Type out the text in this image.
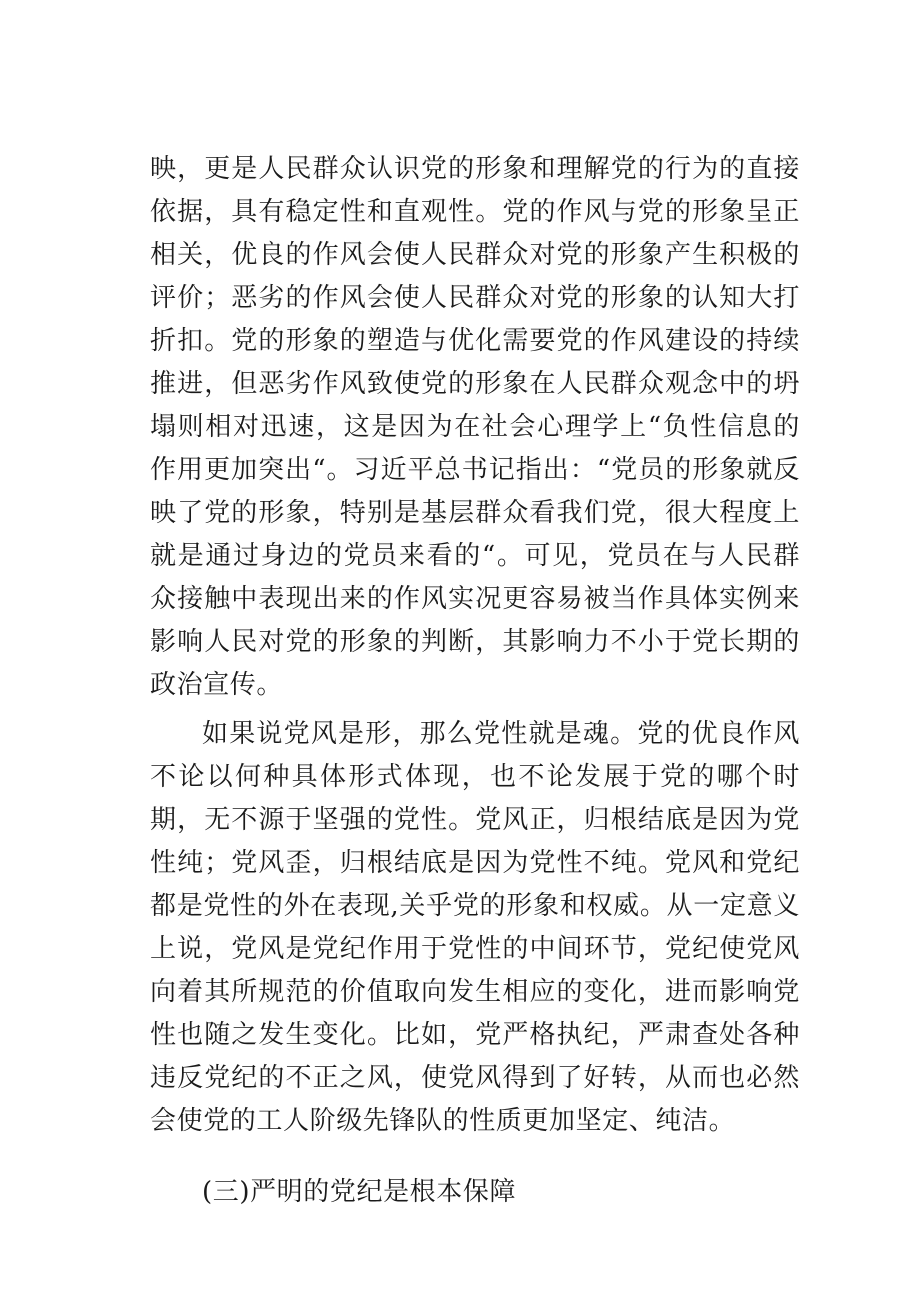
映，更是人民群众认识党的形象和理解党的行为的直接依据，具有稳定性和直观性。党的作风与党的形象呈正相关，优良的作风会使人民群众对党的形象产生积极的评价；恶劣的作风会使人民群众对党的形象的认知大打折扣。党的形象的塑造与优化需要党的作风建设的持续推进，但恶劣作风致使党的形象在人民群众观念中的坍塌则相对迅速，这是因为在社会心理学上“负性信息的作用更加突出“。习近平总书记指出：“党员的形象就反映了党的形象，特别是基层群众看我们党，很大程度上就是通过身边的党员来看的“。可见，党员在与人民群众接触中表现出来的作风实况更容易被当作具体实例来影响人民对党的形象的判断，其影响力不小于党长期的政治宣传。

如果说党风是形，那么党性就是魂。党的优良作风不论以何种具体形式体现，也不论发展于党的哪个时期，无不源于坚强的党性。党风正，归根结底是因为党性纯；党风歪，归根结底是因为党性不纯。党风和党纪都是党性的外在表现,关乎党的形象和权威。从一定意义上说，党风是党纪作用于党性的中间环节，党纪使党风向着其所规范的价值取向发生相应的变化，进而影响党性也随之发生变化。比如，党严格执纪，严肃查处各种违反党纪的不正之风，使党风得到了好转，从而也必然会使党的工人阶级先锋队的性质更加坚定、纯洁。

(三)严明的党纪是根本保障
